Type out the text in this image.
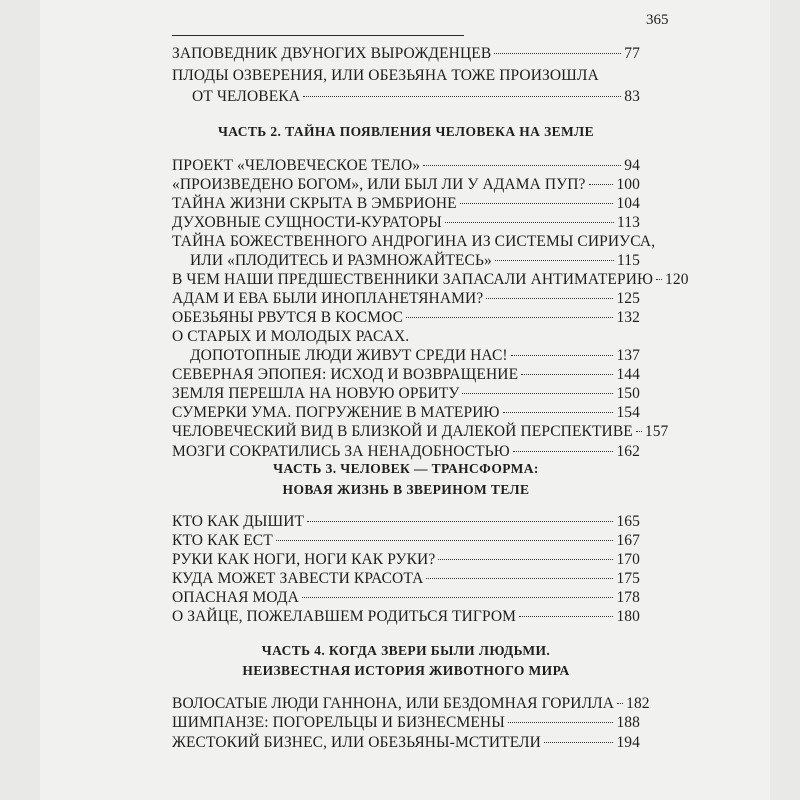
365
ЗАПОВЕДНИК ДВУНОГИХ ВЫРОЖДЕНЦЕВ	77
ПЛОДЫ ОЗВЕРЕНИЯ, ИЛИ ОБЕЗЬЯНА ТОЖЕ ПРОИЗОШЛА
ОТ ЧЕЛОВЕКА	83
ЧАСТЬ 2. ТАЙНА ПОЯВЛЕНИЯ ЧЕЛОВЕКА НА ЗЕМЛЕ
ПРОЕКТ «ЧЕЛОВЕЧЕСКОЕ ТЕЛО»	94
«ПРОИЗВЕДЕНО БОГОМ», ИЛИ БЫЛ ЛИ У АДАМА ПУП? 100
ТАЙНА ЖИЗНИ СКРЫТА В ЭМБРИОНЕ	104
ДУХОВНЫЕ СУЩНОСТИ-КУРАТОРЫ	113
ТАЙНА БОЖЕСТВЕННОГО АНДРОГИНА ИЗ СИСТЕМЫ СИРИУСА,
ИЛИ «ПЛОДИТЕСЬ И РАЗМНОЖАЙТЕСЬ»	115
В ЧЕМ НАШИ ПРЕДШЕСТВЕННИКИ ЗАПАСАЛИ АНТИМАТЕРИЮ 120
АДАМ И ЕВА БЫЛИ ИНОПЛАНЕТЯНАМИ?	125
ОБЕЗЬЯНЫ РВУТСЯ В КОСМОС	132
О СТАРЫХ И МОЛОДЫХ РАСАХ.
ДОПОТОПНЫЕ ЛЮДИ ЖИВУТ СРЕДИ НАС!	137
СЕВЕРНАЯ ЭПОПЕЯ: ИСХОД И ВОЗВРАЩЕНИЕ	144
ЗЕМЛЯ ПЕРЕШЛА НА НОВУЮ ОРБИТУ	150
СУМЕРКИ УМА. ПОГРУЖЕНИЕ В МАТЕРИЮ	154
ЧЕЛОВЕЧЕСКИЙ ВИД В БЛИЗКОЙ И ДАЛЕКОЙ ПЕРСПЕКТИВЕ 157
МОЗГИ СОКРАТИЛИСЬ ЗА НЕНАДОБНОСТЬЮ	162
ЧАСТЬ 3. ЧЕЛОВЕК — ТРАНСФОРМА:
НОВАЯ ЖИЗНЬ В ЗВЕРИНОМ ТЕЛЕ
КТО КАК ДЫШИТ	165
КТО КАК ЕСТ	167
РУКИ КАК НОГИ, НОГИ КАК РУКИ?	170
КУДА МОЖЕТ ЗАВЕСТИ КРАСОТА	175
ОПАСНАЯ МОДА	178
О ЗАЙЦЕ, ПОЖЕЛАВШЕМ РОДИТЬСЯ ТИГРОМ	180
ЧАСТЬ 4. КОГДА ЗВЕРИ БЫЛИ ЛЮДЬМИ.
НЕИЗВЕСТНАЯ ИСТОРИЯ ЖИВОТНОГО МИРА
ВОЛОСАТЫЕ ЛЮДИ ГАННОНА, ИЛИ БЕЗДОМНАЯ ГОРИЛЛА 182
ШИМПАНЗЕ: ПОГОРЕЛЬЦЫ И БИЗНЕСМЕНЫ	188
ЖЕСТОКИЙ БИЗНЕС, ИЛИ ОБЕЗЬЯНЫ-МСТИТЕЛИ	194
